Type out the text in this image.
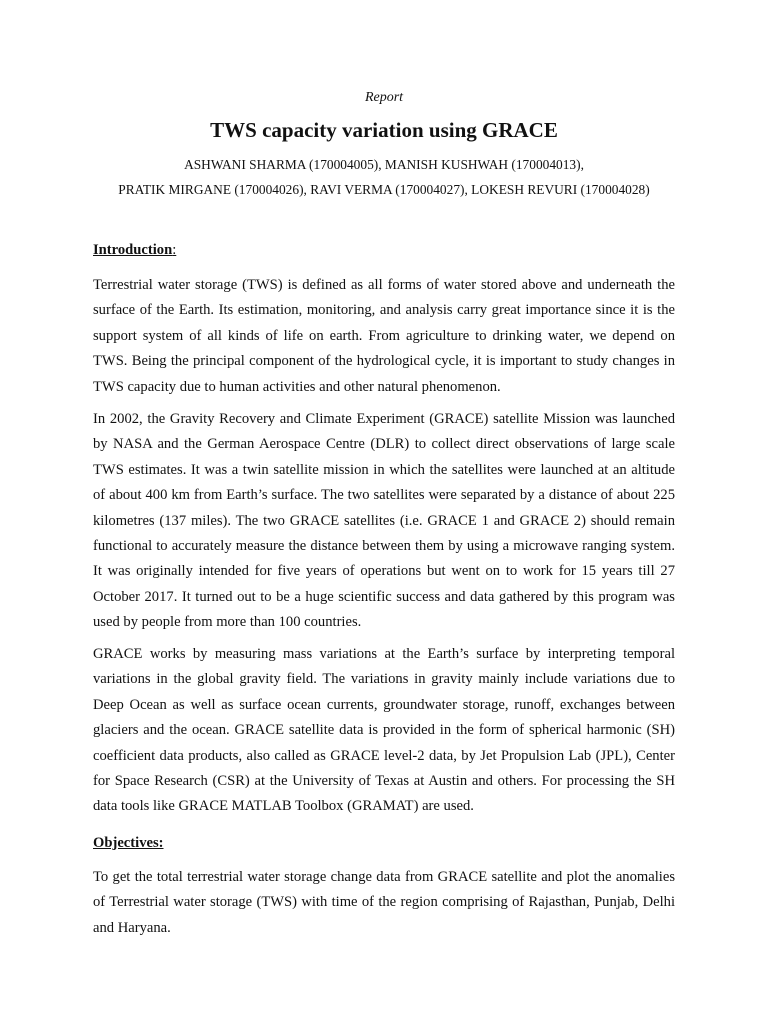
Report
TWS capacity variation using GRACE

ASHWANI SHARMA (170004005), MANISH KUSHWAH (170004013),

PRATIK MIRGANE (170004026), RAVI VERMA (170004027), LOKESH REVURI (170004028)

Introduction:

Terrestrial water storage (TWS) is defined as all forms of water stored above and underneath the surface of the Earth. Its estimation, monitoring, and analysis carry great importance since it is the support system of all kinds of life on earth. From agriculture to drinking water, we depend on TWS. Being the principal component of the hydrological cycle, it is important to study changes in TWS capacity due to human activities and other natural phenomenon.

In 2002, the Gravity Recovery and Climate Experiment (GRACE) satellite Mission was launched by NASA and the German Aerospace Centre (DLR) to collect direct observations of large scale TWS estimates. It was a twin satellite mission in which the satellites were launched at an altitude of about 400 km from Earth’s surface. The two satellites were separated by a distance of about 225 kilometres (137 miles). The two GRACE satellites (i.e. GRACE 1 and GRACE 2) should remain functional to accurately measure the distance between them by using a microwave ranging system. It was originally intended for five years of operations but went on to work for 15 years till 27 October 2017. It turned out to be a huge scientific success and data gathered by this program was used by people from more than 100 countries.

GRACE works by measuring mass variations at the Earth’s surface by interpreting temporal variations in the global gravity field. The variations in gravity mainly include variations due to Deep Ocean as well as surface ocean currents, groundwater storage, runoff, exchanges between glaciers and the ocean. GRACE satellite data is provided in the form of spherical harmonic (SH) coefficient data products, also called as GRACE level-2 data, by Jet Propulsion Lab (JPL), Center for Space Research (CSR) at the University of Texas at Austin and others. For processing the SH data tools like GRACE MATLAB Toolbox (GRAMAT) are used.

Objectives:

To get the total terrestrial water storage change data from GRACE satellite and plot the anomalies of Terrestrial water storage (TWS) with time of the region comprising of Rajasthan, Punjab, Delhi and Haryana.
